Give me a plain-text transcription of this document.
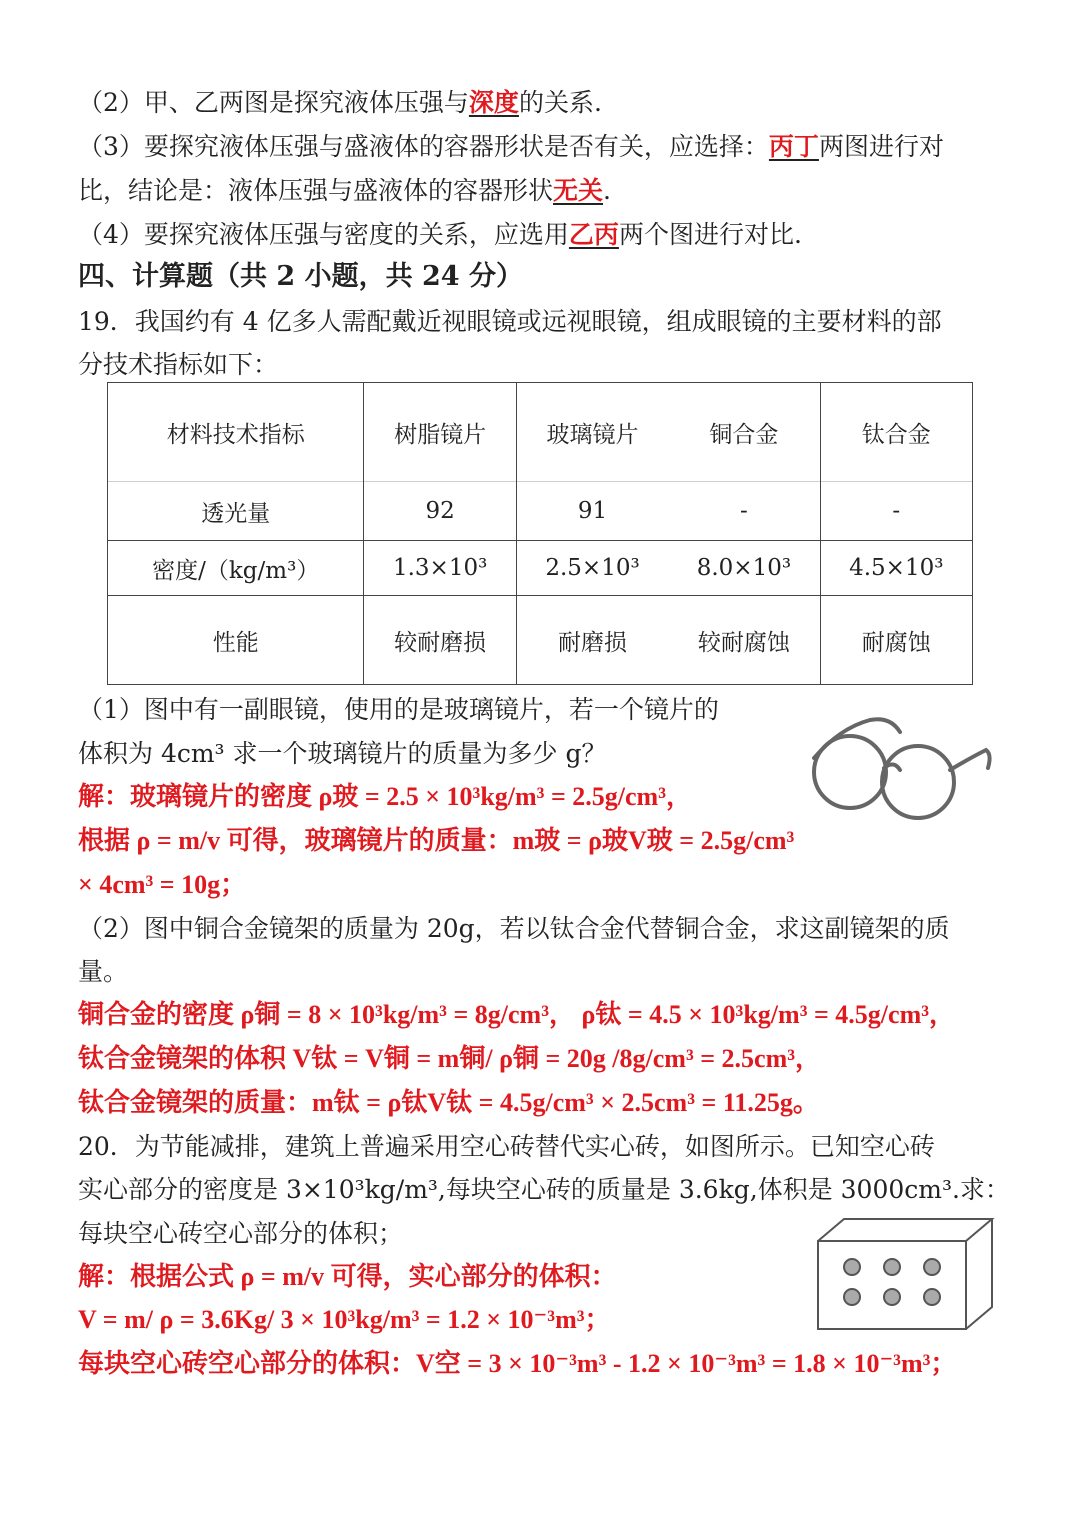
（2）甲、乙两图是探究液体压强与深度的关系.
（3）要探究液体压强与盛液体的容器形状是否有关，应选择：丙丁两图进行对
比，结论是：液体压强与盛液体的容器形状无关.
（4）要探究液体压强与密度的关系，应选用乙丙两个图进行对比.
四、计算题（共 2 小题，共 24 分）
19．我国约有 4 亿多人需配戴近视眼镜或远视眼镜，组成眼镜的主要材料的部
分技术指标如下：
材料技术指标	树脂镜片	玻璃镜片	铜合金	钛合金
透光量	92	91	-	-
密度/（kg/m³）	1.3×10³	2.5×10³	8.0×10³	4.5×10³
性能	较耐磨损	耐磨损	较耐腐蚀	耐腐蚀
（1）图中有一副眼镜，使用的是玻璃镜片，若一个镜片的
体积为 4cm³ 求一个玻璃镜片的质量为多少 g？
解：玻璃镜片的密度 ρ玻 = 2.5 × 10³kg/m³ = 2.5g/cm³，
根据 ρ = m/v 可得，玻璃镜片的质量：m玻 = ρ玻V玻 = 2.5g/cm³
× 4cm³ = 10g；
（2）图中铜合金镜架的质量为 20g，若以钛合金代替铜合金，求这副镜架的质
量。
铜合金的密度 ρ铜 = 8 × 10³kg/m³ = 8g/cm³， ρ钛 = 4.5 × 10³kg/m³ = 4.5g/cm³，
钛合金镜架的体积 V钛 = V铜 = m铜/ ρ铜 = 20g /8g/cm³ = 2.5cm³，
钛合金镜架的质量：m钛 = ρ钛V钛 = 4.5g/cm³ × 2.5cm³ = 11.25g。
20．为节能减排，建筑上普遍采用空心砖替代实心砖，如图所示。已知空心砖
实心部分的密度是 3×10³kg/m³,每块空心砖的质量是 3.6kg,体积是 3000cm³.求：
每块空心砖空心部分的体积；
解：根据公式 ρ = m/v 可得，实心部分的体积：
V = m/ ρ = 3.6Kg/ 3 × 10³kg/m³ = 1.2 × 10⁻³m³；
每块空心砖空心部分的体积：V空 = 3 × 10⁻³m³ - 1.2 × 10⁻³m³ = 1.8 × 10⁻³m³；
